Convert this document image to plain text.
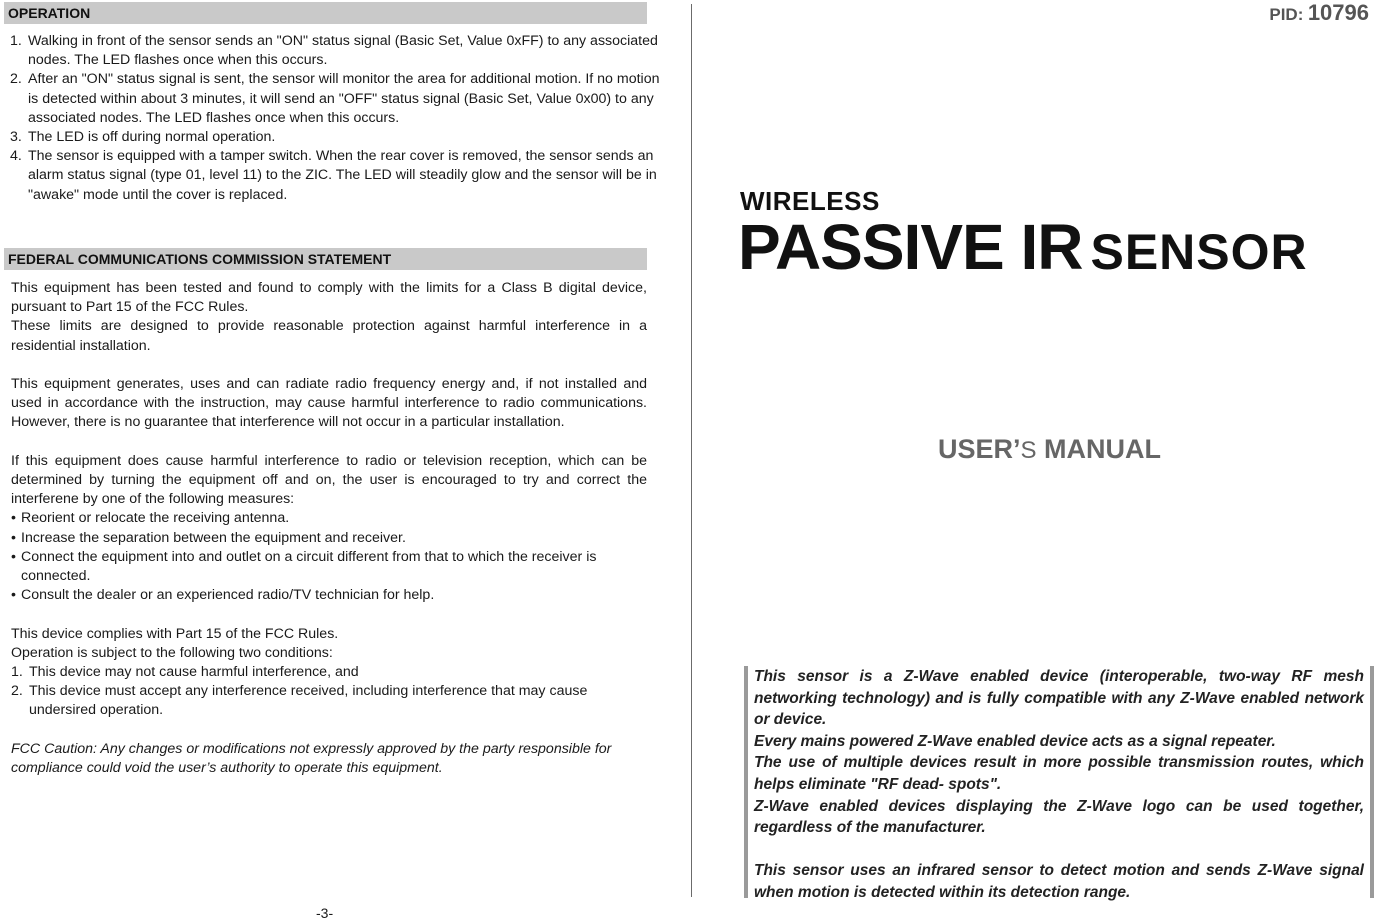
OPERATION
1. Walking in front of the sensor sends an "ON" status signal (Basic Set, Value 0xFF) to any associated nodes. The LED flashes once when this occurs.
2. After an "ON" status signal is sent, the sensor will monitor the area for additional motion. If no motion is detected within about 3 minutes, it will send an "OFF" status signal (Basic Set, Value 0x00) to any associated nodes. The LED flashes once when this occurs.
3. The LED is off during normal operation.
4. The sensor is equipped with a tamper switch. When the rear cover is removed, the sensor sends an alarm status signal (type 01, level 11) to the ZIC. The LED will steadily glow and the sensor will be in "awake" mode until the cover is replaced.
FEDERAL COMMUNICATIONS COMMISSION STATEMENT

This equipment has been tested and found to comply with the limits for a Class B digital device, pursuant to Part 15 of the FCC Rules.

These limits are designed to provide reasonable protection against harmful interference in a residential installation.

This equipment generates, uses and can radiate radio frequency energy and, if not installed and used in accordance with the instruction, may cause harmful interference to radio communications. However, there is no guarantee that interference will not occur in a particular installation.

If this equipment does cause harmful interference to radio or television reception, which can be determined by turning the equipment off and on, the user is encouraged to try and correct the interferene by one of the following measures:

• Reorient or relocate the receiving antenna.
• Increase the separation between the equipment and receiver.
• Connect the equipment into and outlet on a circuit different from that to which the receiver is connected.
• Consult the dealer or an experienced radio/TV technician for help.

This device complies with Part 15 of the FCC Rules.

Operation is subject to the following two conditions:

1. This device may not cause harmful interference, and
2. This device must accept any interference received, including interference that may cause undersired operation.

FCC Caution: Any changes or modifications not expressly approved by the party responsible for compliance could void the user’s authority to operate this equipment.

-3-
PID: 10796
WIRELESS
PASSIVE IR SENSOR
USER’S MANUAL

This sensor is a Z-Wave enabled device (interoperable, two-way RF mesh networking technology) and is fully compatible with any Z-Wave enabled network or device.

Every mains powered Z-Wave enabled device acts as a signal repeater.

The use of multiple devices result in more possible transmission routes, which helps eliminate "RF dead- spots".

Z-Wave enabled devices displaying the Z-Wave logo can be used together, regardless of the manufacturer.

This sensor uses an infrared sensor to detect motion and sends Z-Wave signal when motion is detected within its detection range.
